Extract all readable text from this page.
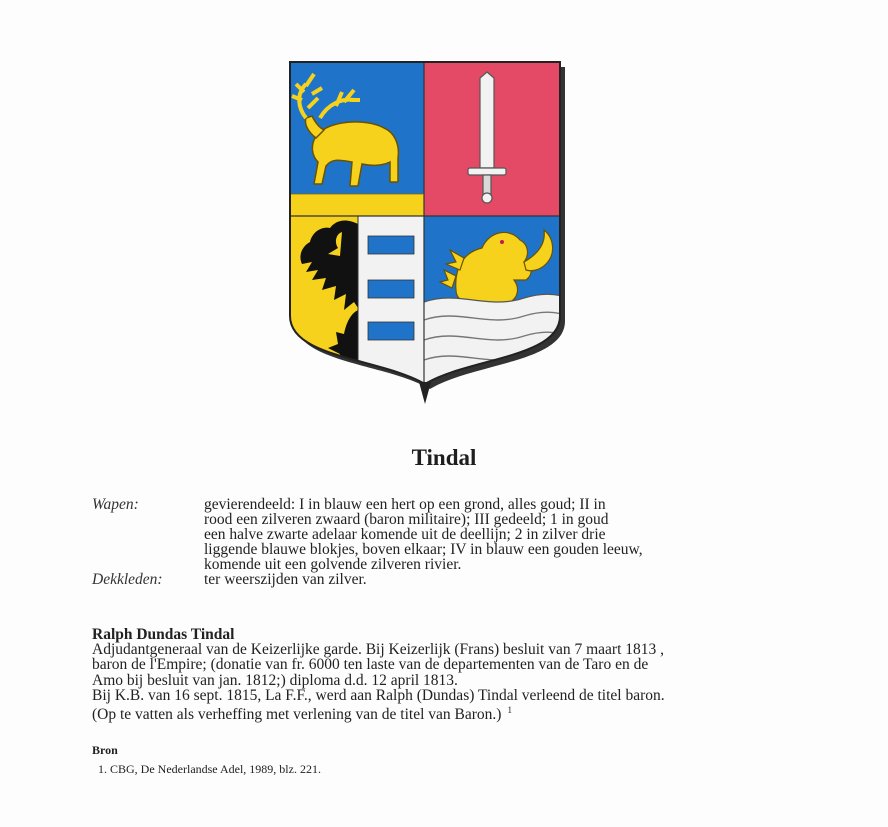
Tindal
Wapen:	gevierendeeld: I in blauw een hert op een grond, alles goud; II in
rood een zilveren zwaard (baron militaire); III gedeeld; 1 in goud
een halve zwarte adelaar komende uit de deellijn; 2 in zilver drie
liggende blauwe blokjes, boven elkaar; IV in blauw een gouden leeuw,
komende uit een golvende zilveren rivier.
Dekkleden:	ter weerszijden van zilver.
Ralph Dundas Tindal
Adjudantgeneraal van de Keizerlijke garde. Bij Keizerlijk (Frans) besluit van 7 maart 1813 ,
baron de l'Empire; (donatie van fr. 6000 ten laste van de departementen van de Taro en de
Amo bij besluit van jan. 1812;) diploma d.d. 12 april 1813.
Bij K.B. van 16 sept. 1815, La F.F., werd aan Ralph (Dundas) Tindal verleend de titel baron.
(Op te vatten als verheffing met verlening van de titel van Baron.) $^1$
Bron
1. CBG, De Nederlandse Adel, 1989, blz. 221.
